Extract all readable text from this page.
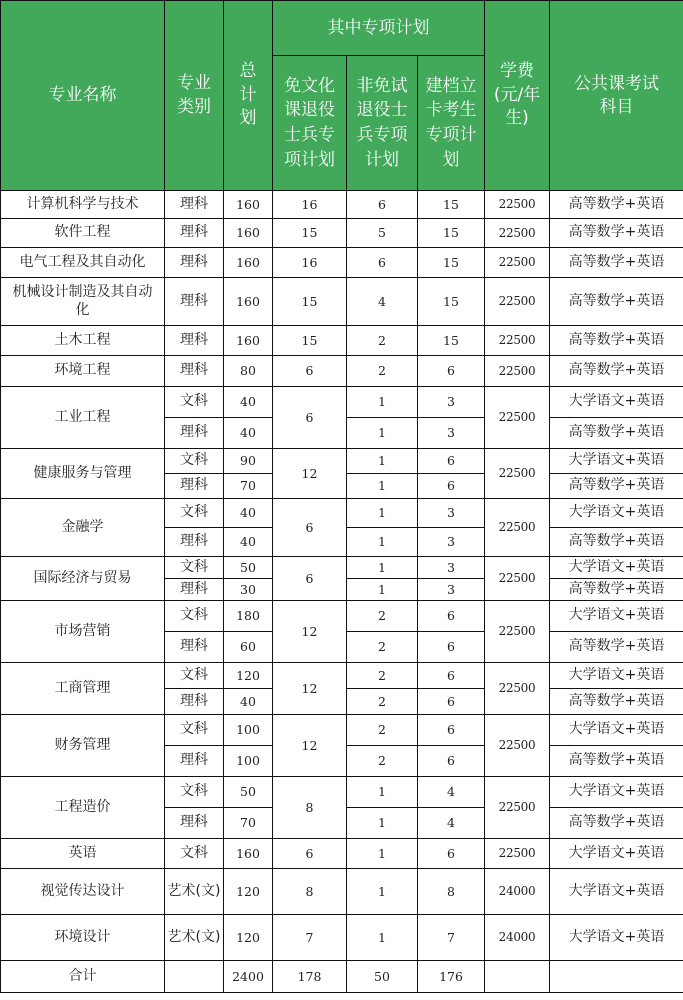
专业名称	专业类别	总计划	其中专项计划			学费(元/年生)	公共课考试科目
			免文化课退役士兵专项计划	非免试退役士兵专项计划	建档立卡考生专项计划		
计算机科学与技术	理科	160	16	6	15	22500	高等数学+英语
软件工程	理科	160	15	5	15	22500	高等数学+英语
电气工程及其自动化	理科	160	16	6	15	22500	高等数学+英语
机械设计制造及其自动化	理科	160	15	4	15	22500	高等数学+英语
土木工程	理科	160	15	2	15	22500	高等数学+英语
环境工程	理科	80	6	2	6	22500	高等数学+英语
工业工程	文科	40	6	1	3	22500	大学语文+英语
	理科	40		1	3		高等数学+英语
健康服务与管理	文科	90	12	1	6	22500	大学语文+英语
	理科	70		1	6		高等数学+英语
金融学	文科	40	6	1	3	22500	大学语文+英语
	理科	40		1	3		高等数学+英语
国际经济与贸易	文科	50	6	1	3	22500	大学语文+英语
	理科	30		1	3		高等数学+英语
市场营销	文科	180	12	2	6	22500	大学语文+英语
	理科	60		2	6		高等数学+英语
工商管理	文科	120	12	2	6	22500	大学语文+英语
	理科	40		2	6		高等数学+英语
财务管理	文科	100	12	2	6	22500	大学语文+英语
	理科	100		2	6		高等数学+英语
工程造价	文科	50	8	1	4	22500	大学语文+英语
	理科	70		1	4		高等数学+英语
英语	文科	160	6	1	6	22500	大学语文+英语
视觉传达设计	艺术(文)	120	8	1	8	24000	大学语文+英语
环境设计	艺术(文)	120	7	1	7	24000	大学语文+英语
合计		2400	178	50	176		
